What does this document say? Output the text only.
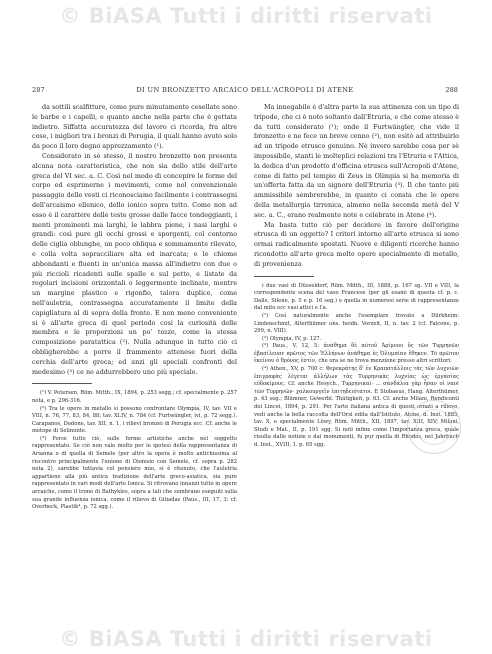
© BiASA Tutti i diritti riservati
287	DI UN BRONZETTO ARCAICO DELL'ACROPOLI DI ATENE	288

da sottili scalfitture, come pure minutamente cesellate sono le barbe e i capelli, e quanto anche nella parte che è gettata indietro. Siffatta accuratezza del lavoro ci ricorda, fra altre cose, i migliori tra i bronzi di Perugia, il quali hanno avuto solo da poco il loro degno apprezzamento (¹).

Considerato in sè stesso, il nostro bronzetto non presenta alcuna nota caratteristica, che non sia dello stile dell'arte greca del VI sec. a. C. Così nel modo di concepire le forme del corpo ed esprimerne i movimenti, come nel convenzionale passaggio delle vesti ci riconosciamo facilmente i contrassegni dell'arcaismo ellenico, dello ionico sopra tutto. Come non ad esso è il carattere delle teste grosse dalle facce tondeggianti, i menti prominenti ma larghi, le labbra piene, i nasi larghi e grandi: così pure gli occhi grossi e sporgenti, col contorno delle ciglia oblunghe, un poco obliqua e sommamente rilevato, e colla volta sopracciliare alta ed inarcata; e le chiome abbondanti e fluenti in un'unica massa all'indietro con due o più riccioli ricadenti sulle spalle e sul petto, e listate da regolari incisioni orizzontali o leggermente inclinate, mentre un margine plastico e rigonfio, talora duplice, come nell'auletria, contrassegna accuratamente il limite della capigliatura al di sopra della fronte. E non meno conveniente si è all'arte greca di quel periodo così la curiosità delle membra e le proporzioni un po' tozze, come la stessa composizione paratattica (²). Nulla adunque in tutto ciò ci obbligherebbe a porre il frammento attenese fuori della cerchia dell'arte greca; ed anzi gli speciali confronti del medesimo (³) ce ne addurrebbero uno più speciale.

(¹) V. Petersen, Röm. Mitth., IX, 1894, p. 253 segg.; cf. specialmente p. 257 nota, e p. 296-316.

(²) Tra le opere in metallo si possono confrontare Olympia, IV, tav. VII e VIII, n. 76, 77, 83, 84, 88; tav. XLIV, n. 784 (cf. Furtwängler, ivi, p. 72 segg.). Carapanos, Dodone, tav. XII, n. 1, i rilievi bronzei di Perugia ecc. Cf. anche le metope di Selinunte.

(³) Forse tutto ciò, sulle forme artistiche anche nel soggetto rappresentato. Se ciò non vale molto per le ipotesi della rappresentanza di Arianna o di quella di Semele (per altro la opera è molto antichissima al riscontro principalmente l'unione di Dionisio con Semele, cf. sopra p. 282 nota 2), sarebbe tuttavia col pensiero mio, si è ritenuto, che l'auletria appartiene alla più antica tradizione dell'arte greco-asiatica, sia pure rappresentato in vari modi dell'arte Ionica. Si ritrovano innanzi tutto in opere arcaiche, come il trono di Bathykles, sopra a tali che sembrano eseguiti sulla sua grande influenza ionica, come il rilievo di Gitiadas (Paus., III, 17, 3: cf. Overbeck, Plastik⁴, p. 72 sgg.).

Ma innegabile è d'altra parte la sua attinenza con un tipo di tripode, che ci è noto soltanto dall'Etruria, e che come stesso è da tutti considerato (¹); onde il Furtwängler, che vide il bronzetto e ne fece un breve cenno (²), non esitò ad attribuirlo ad un tripode etrusco genuino. Nè invero sarebbe cosa per sè impossibile, stanti le molteplici relazioni tra l'Etruria e l'Attica, la dedica d'un prodotto d'officina etrusca sull'Acropoli d'Atene, come di fatto pel tempio di Zeus in Olimpia si ha memoria di un'offerta fatta da un signore dell'Etruria (³). Il che tanto più ammissibile sembrerebbe, in quanto ci consta che le opere della metallurgia tirrenica, almeno nella seconda metà del V sec. a. C., erano realmente note e celebrate in Atene (⁴).

Ma basta tutto ciò per decidere in favore dell'origine etrusca di un oggetto? I criteri intorno all'arte etrusca si sono ormai radicalmente spostati. Nuove e diligenti ricerche hanno ricondotto all'arte greca molte opere specialmente di metallo, di provenienza

i due vasi di Düsseldorf, Röm. Mitth., III, 1888, p. 167 sg. VII e VIII, la correspondente scena del vaso Francese (per gli esami di questa cf. p. c. Dalle, Silene, p. 5 e p. 16 seg.) e quella in numerosi serie di rappresentanze dal mito ecc vasi attici e l'a.

(¹) Così naturalmente anche l'esemplare trovato a Dürkheim: Lindenschmit, Alterthümer uns. heidn. Vorzeit, II, n. tav. 2 (cf. Falcone, p. 299, n. VIII).

(²) Olympia, IV, p. 127.

(³) Paus., V, 12, 5: ἀνάθημα δὲ αὐτοῦ Ἀρίμνου ὃς τῶν Τυρρηνῶν ἐβασίλευσε πρῶτος τῶν Ἑλλήνων ἀνάθημα ἐς Ὀλυμπίαν ἔθηκεν. Τὸ πρῶτον ἐκείνου ὁ θρόνος ἐστίν, che ora se ne trova menzione presso altri scrittori.

(⁴) Athen., XV, p. 700 c: Φερεκράτης δ' ἐν Κραπατάλλοις τὰς τῶν λυχνιῶν ἐπιγραφὰς λέγεται ἀλλήλων τὰς Τυρρηνικὰς λυχνίας ὡς ἐργασίας εὐδοκίμους. Cf. anche Hesych., Τυρρηνικαὶ· ... σανδάλια γὰρ ἦσαν οἱ ναοὶ τῶν Τυρρηνῶν· χαλκουργεῖν ἐπιτηδειότατοι. E Stobaeus, Hang. Alterthümer, p. 43 seg.; Blümner, Gewerbl. Thätigkeit, p. 63. Cf. anche Milani, Rendiconti dei Lincei, 1894, p. 291. Per l'arte italiana antica di questi ornati a rilievo, vedi anche la bella raccolta dell'Orsi edita dall'Istituto, Atene, d. Inst. 1885, tav. X, e specialmente Löwy, Röm. Mitth., XII, 1897, tav. XIII, XIV; Milani, Studi e Mat., II, p. 191 sgg. Si noti infine come l'importanza greca, quale risulta dalle notizie e dai monumenti, fu pur quella di Rhodos, nel Jahrbuch d. Inst., XVIII, 1. p. 65 sgg.

© BiASA Tutti i diritti riservati
